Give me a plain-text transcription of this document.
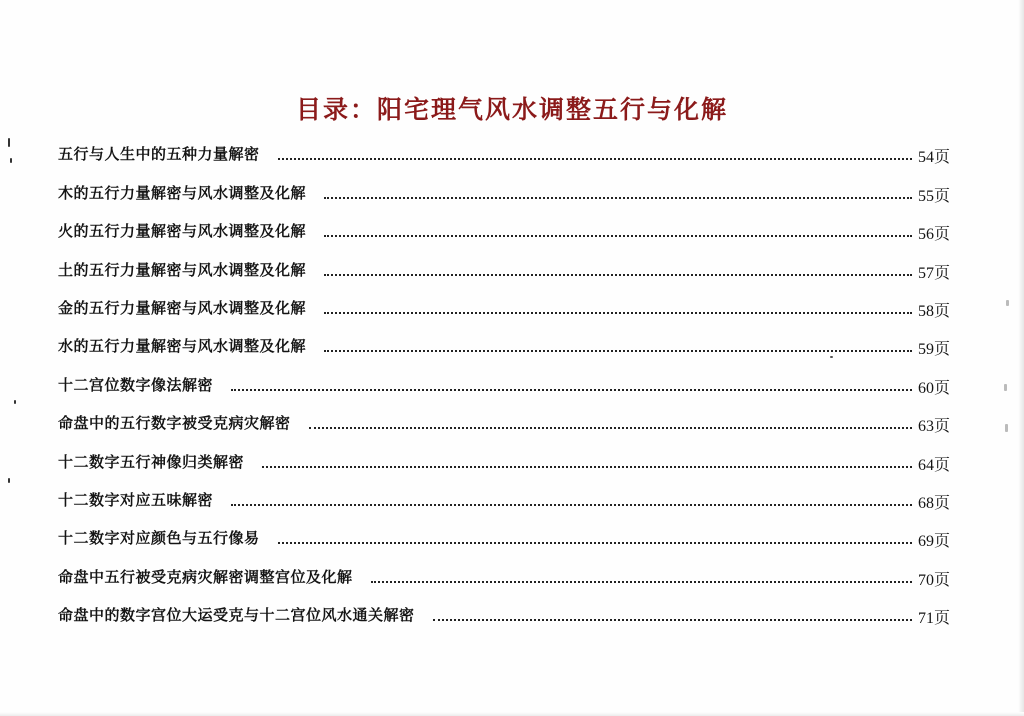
目录：阳宅理气风水调整五行与化解
五行与人生中的五种力量解密	54页
木的五行力量解密与风水调整及化解	55页
火的五行力量解密与风水调整及化解	56页
土的五行力量解密与风水调整及化解	57页
金的五行力量解密与风水调整及化解	58页
水的五行力量解密与风水调整及化解	59页
十二宫位数字像法解密	60页
命盘中的五行数字被受克病灾解密	63页
十二数字五行神像归类解密	64页
十二数字对应五味解密	68页
十二数字对应颜色与五行像易	69页
命盘中五行被受克病灾解密调整宫位及化解	70页
命盘中的数字宫位大运受克与十二宫位风水通关解密	71页
